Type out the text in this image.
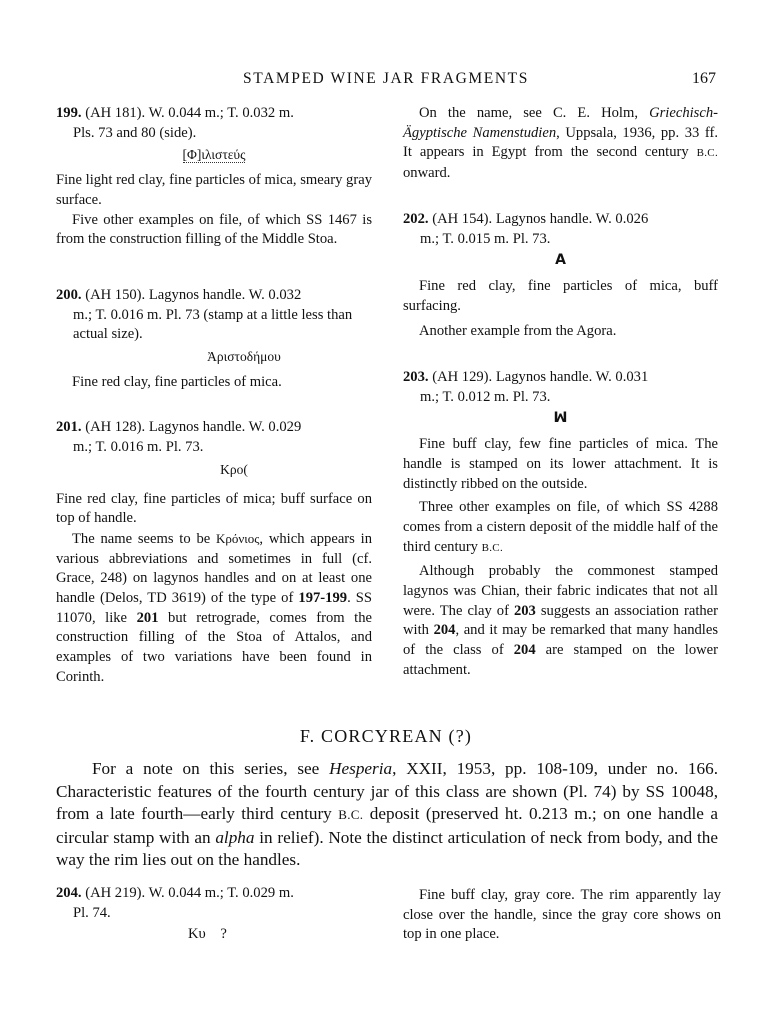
STAMPED WINE JAR FRAGMENTS	167
199. (AH 181). W. 0.044 m.; T. 0.032 m.
Pls. 73 and 80 (side).
[Φ]ιλιστεύς

Fine light red clay, fine particles of mica, smeary gray surface.

Five other examples on file, of which SS 1467 is from the construction filling of the Middle Stoa.

200. (AH 150). Lagynos handle. W. 0.032
m.; T. 0.016 m. Pl. 73 (stamp at a little less than actual size).
Ἀριστοδήμου

Fine red clay, fine particles of mica.

201. (AH 128). Lagynos handle. W. 0.029
m.; T. 0.016 m. Pl. 73.
Κρο(

Fine red clay, fine particles of mica; buff surface on top of handle.

The name seems to be Κρόνιος, which appears in various abbreviations and sometimes in full (cf. Grace, 248) on lagynos handles and on at least one handle (Delos, TD 3619) of the type of 197-199. SS 11070, like 201 but retrograde, comes from the construction filling of the Stoa of Attalos, and examples of two variations have been found in Corinth.

On the name, see C. E. Holm, Griechisch-Ägyptische Namenstudien, Uppsala, 1936, pp. 33 ff. It appears in Egypt from the second century B.C. onward.

202. (AH 154). Lagynos handle. W. 0.026
m.; T. 0.015 m. Pl. 73.
A

Fine red clay, fine particles of mica, buff surfacing.

Another example from the Agora.

203. (AH 129). Lagynos handle. W. 0.031
m.; T. 0.012 m. Pl. 73.
ꟽ

Fine buff clay, few fine particles of mica. The handle is stamped on its lower attachment. It is distinctly ribbed on the outside.

Three other examples on file, of which SS 4288 comes from a cistern deposit of the middle half of the third century B.C.

Although probably the commonest stamped lagynos was Chian, their fabric indicates that not all were. The clay of 203 suggests an association rather with 204, and it may be remarked that many handles of the class of 204 are stamped on the lower attachment.

F. CORCYREAN (?)

For a note on this series, see Hesperia, XXII, 1953, pp. 108-109, under no. 166. Characteristic features of the fourth century jar of this class are shown (Pl. 74) by SS 10048, from a late fourth—early third century B.C. deposit (preserved ht. 0.213 m.; on one handle a circular stamp with an alpha in relief). Note the distinct articulation of neck from body, and the way the rim lies out on the handles.

204. (AH 219). W. 0.044 m.; T. 0.029 m.
Pl. 74.
Κυ    ?

Fine buff clay, gray core. The rim apparently lay close over the handle, since the gray core shows on top in one place.
